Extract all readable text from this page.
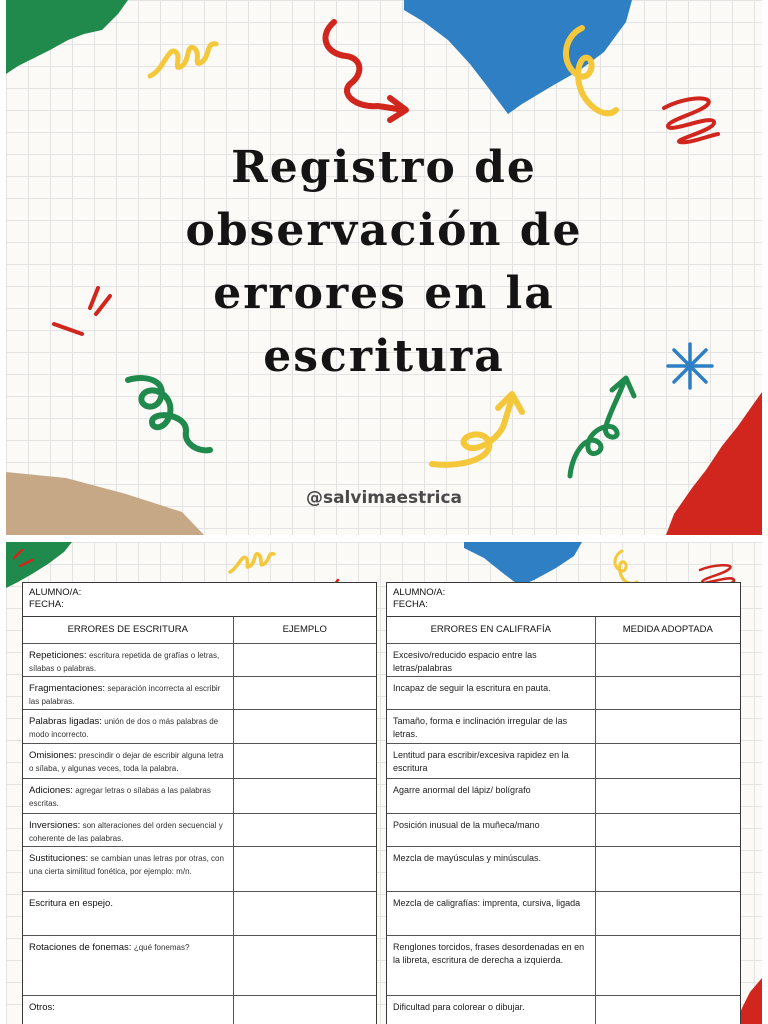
Registro de
observación de
errores en la
escritura
@salvimaestrica
ALUMNO/A:
FECHA:
ERRORES DE ESCRITURA	EJEMPLO
Repeticiones: escritura repetida de grafías o letras, sílabas o palabras.	
Fragmentaciones: separación incorrecta al escribir las palabras.	
Palabras ligadas: unión de dos o más palabras de modo incorrecto.	
Omisiones: prescindir o dejar de escribir alguna letra o sílaba, y algunas veces, toda la palabra.	
Adiciones: agregar letras o sílabas a las palabras escritas.	
Inversiones: son alteraciones del orden secuencial y coherente de las palabras.	
Sustituciones: se cambian unas letras por otras, con una cierta similitud fonética, por ejemplo: m/n.	
Escritura en espejo.	
Rotaciones de fonemas: ¿qué fonemas?	
Otros:	
ALUMNO/A:
FECHA:
ERRORES EN CALIFRAFÍA	MEDIDA ADOPTADA
Excesivo/reducido espacio entre las letras/palabras	
Incapaz de seguir la escritura en pauta.	
Tamaño, forma e inclinación irregular de las letras.	
Lentitud para escribir/excesiva rapidez en la escritura	
Agarre anormal del lápiz/ bolígrafo	
Posición inusual de la muñeca/mano	
Mezcla de mayúsculas y minúsculas.	
Mezcla de caligrafías: imprenta, cursiva, ligada	
Renglones torcidos, frases desordenadas en en la libreta, escritura de derecha a izquierda.	
Dificultad para colorear o dibujar.	
